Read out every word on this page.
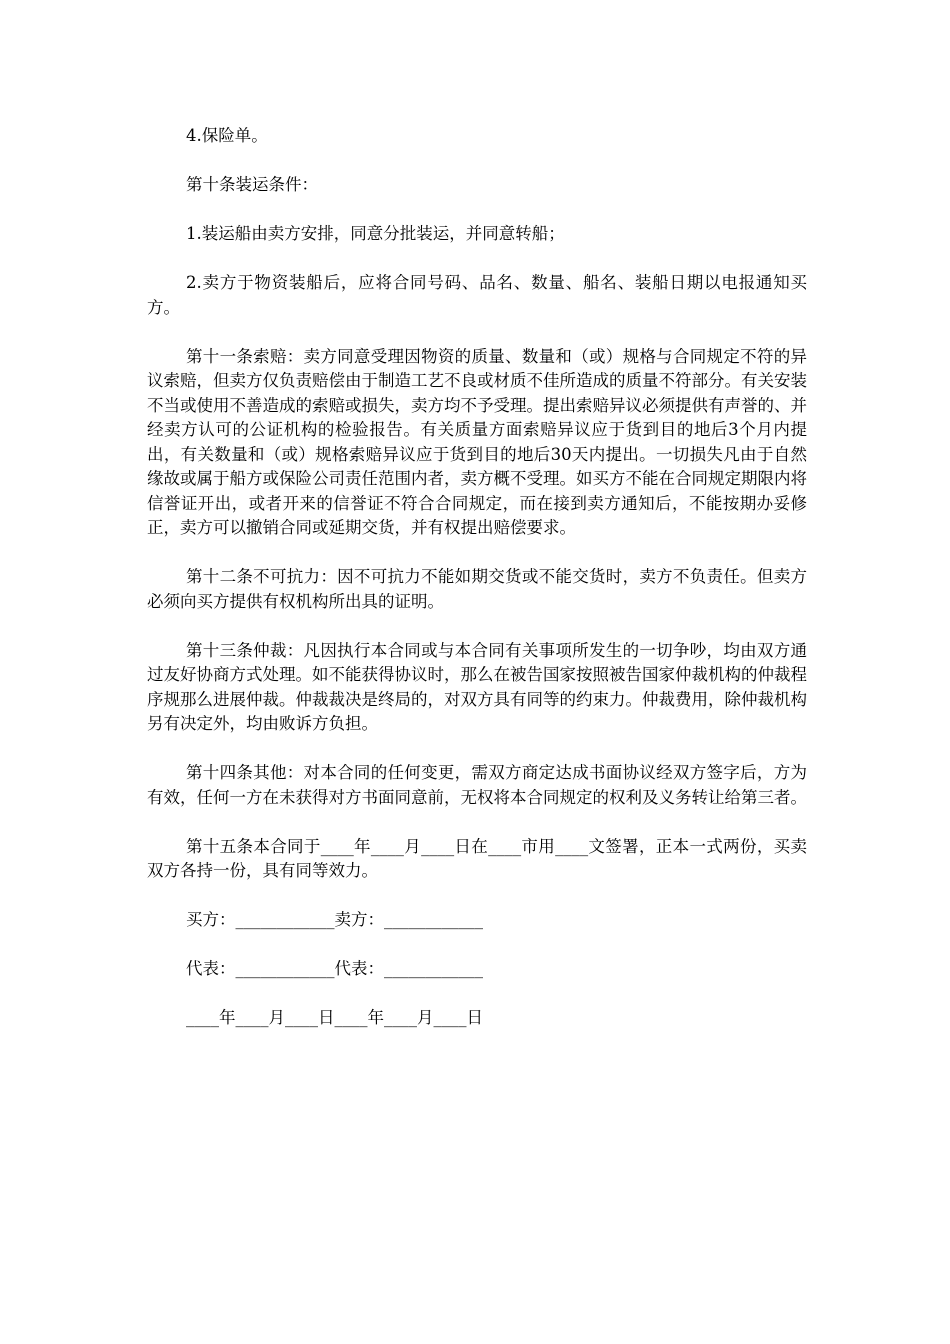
4.保险单。

第十条装运条件：

1.装运船由卖方安排，同意分批装运，并同意转船；

2.卖方于物资装船后，应将合同号码、品名、数量、船名、装船日期以电报通知买方。

第十一条索赔：卖方同意受理因物资的质量、数量和（或）规格与合同规定不符的异议索赔，但卖方仅负责赔偿由于制造工艺不良或材质不佳所造成的质量不符部分。有关安装不当或使用不善造成的索赔或损失，卖方均不予受理。提出索赔异议必须提供有声誉的、并经卖方认可的公证机构的检验报告。有关质量方面索赔异议应于货到目的地后3个月内提出，有关数量和（或）规格索赔异议应于货到目的地后30天内提出。一切损失凡由于自然缘故或属于船方或保险公司责任范围内者，卖方概不受理。如买方不能在合同规定期限内将信誉证开出，或者开来的信誉证不符合合同规定，而在接到卖方通知后，不能按期办妥修正，卖方可以撤销合同或延期交货，并有权提出赔偿要求。

第十二条不可抗力：因不可抗力不能如期交货或不能交货时，卖方不负责任。但卖方必须向买方提供有权机构所出具的证明。

第十三条仲裁：凡因执行本合同或与本合同有关事项所发生的一切争吵，均由双方通过友好协商方式处理。如不能获得协议时，那么在被告国家按照被告国家仲裁机构的仲裁程序规那么进展仲裁。仲裁裁决是终局的，对双方具有同等的约束力。仲裁费用，除仲裁机构另有决定外，均由败诉方负担。

第十四条其他：对本合同的任何变更，需双方商定达成书面协议经双方签字后，方为有效，任何一方在未获得对方书面同意前，无权将本合同规定的权利及义务转让给第三者。

第十五条本合同于____年____月____日在____市用____文签署，正本一式两份，买卖双方各持一份，具有同等效力。

买方：____________卖方：____________

代表：____________代表：____________

____年____月____日____年____月____日
